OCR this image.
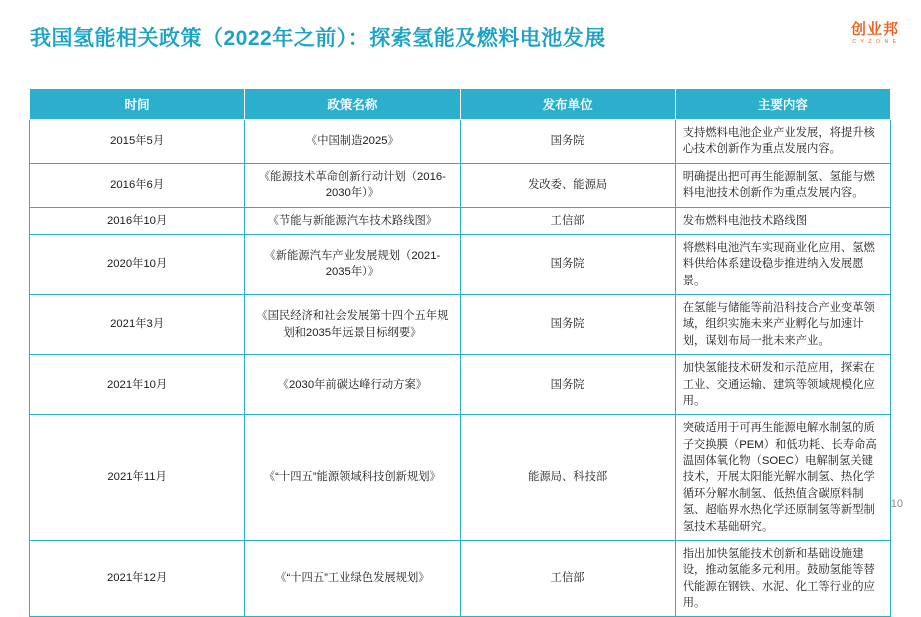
我国氢能相关政策（2022年之前）：探索氢能及燃料电池发展	创业邦
C Y Z O N E
时间	政策名称	发布单位	主要内容
2015年5月	《中国制造2025》	国务院	支持燃料电池企业产业发展，将提升核心技术创新作为重点发展内容。
2016年6月	《能源技术革命创新行动计划（2016-2030年）》	发改委、能源局	明确提出把可再生能源制氢、氢能与燃料电池技术创新作为重点发展内容。
2016年10月	《节能与新能源汽车技术路线图》	工信部	发布燃料电池技术路线图
2020年10月	《新能源汽车产业发展规划（2021-2035年）》	国务院	将燃料电池汽车实现商业化应用、氢燃料供给体系建设稳步推进纳入发展愿景。
2021年3月	《国民经济和社会发展第十四个五年规划和2035年远景目标纲要》	国务院	在氢能与储能等前沿科技合产业变革领域，组织实施未来产业孵化与加速计划，谋划布局一批未来产业。
2021年10月	《2030年前碳达峰行动方案》	国务院	加快氢能技术研发和示范应用，探索在工业、交通运输、建筑等领域规模化应用。
2021年11月	《“十四五”能源领域科技创新规划》	能源局、科技部	突破适用于可再生能源电解水制氢的质子交换膜（PEM）和低功耗、长寿命高温固体氧化物（SOEC）电解制氢关键技术，开展太阳能光解水制氢、热化学循环分解水制氢、低热值含碳原料制氢、超临界水热化学还原制氢等新型制氢技术基础研究。
2021年12月	《“十四五”工业绿色发展规划》	工信部	指出加快氢能技术创新和基础设施建设，推动氢能多元利用。鼓励氢能等替代能源在钢铁、水泥、化工等行业的应用。
10
